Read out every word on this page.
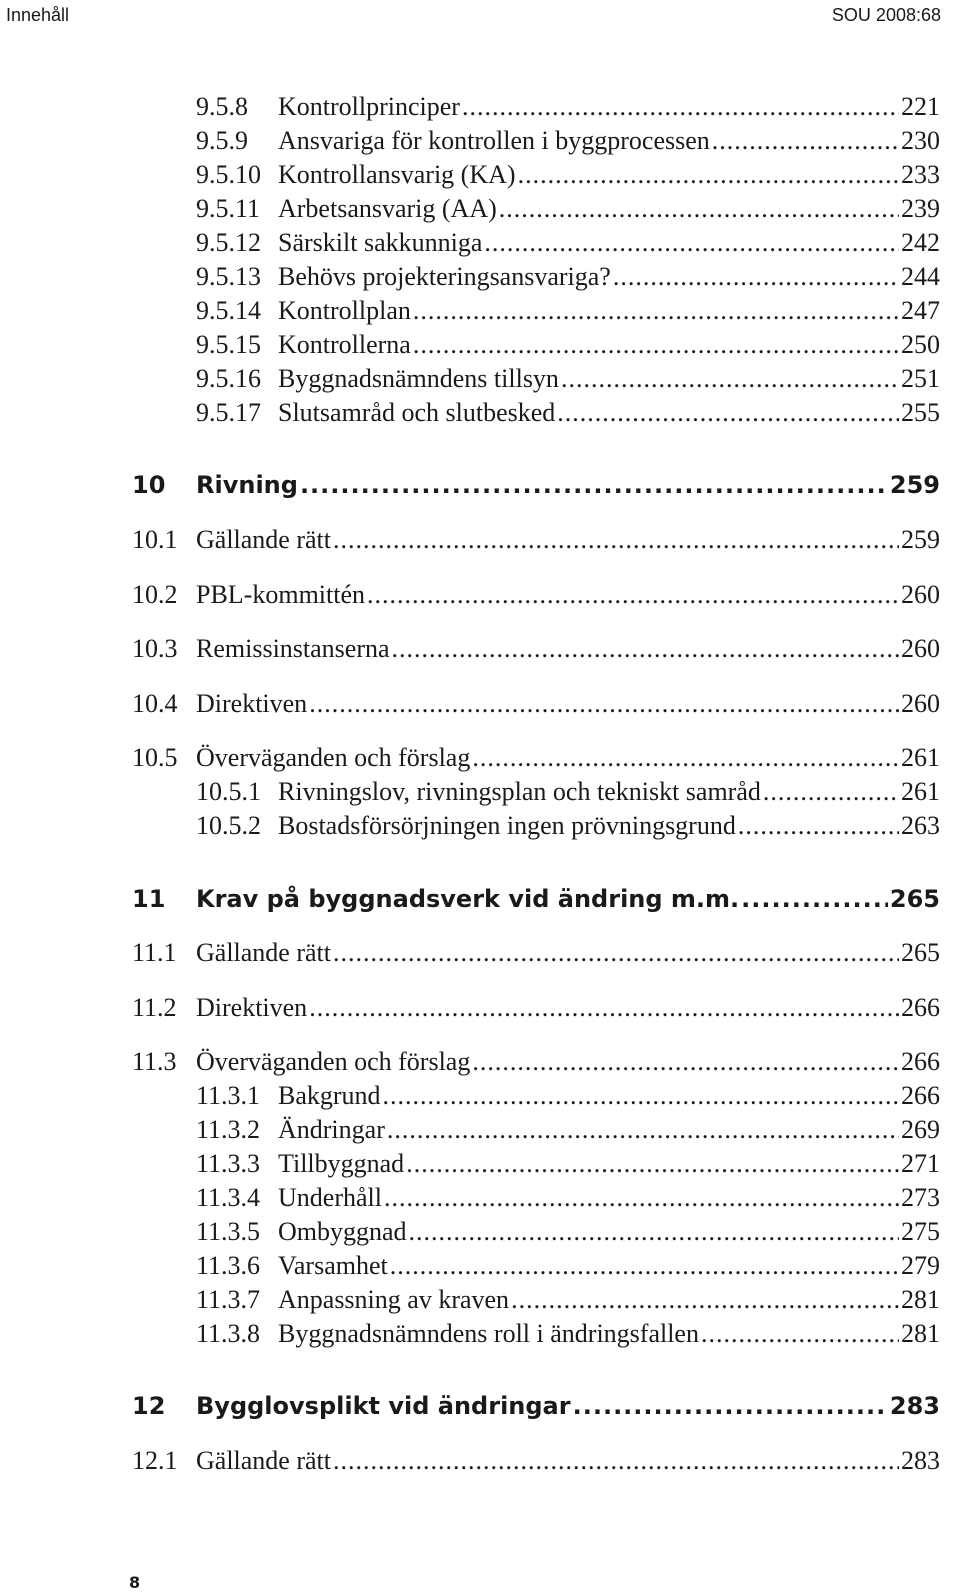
Innehåll	SOU 2008:68
9.5.8	Kontrollprinciper .....	221
9.5.9	Ansvariga för kontrollen i byggprocessen .....	230
9.5.10 Kontrollansvarig (KA) .....	233
9.5.11 Arbetsansvarig (AA) .....	239
9.5.12 Särskilt sakkunniga .....	242
9.5.13 Behövs projekteringsansvariga? .....	244
9.5.14 Kontrollplan .....	247
9.5.15 Kontrollerna .....	250
9.5.16 Byggnadsnämndens tillsyn .....	251
9.5.17 Slutsamråd och slutbesked .....	255
10	Rivning .....	259
10.1 Gällande rätt .....	259
10.2 PBL-kommittén .....	260
10.3 Remissinstanserna .....	260
10.4 Direktiven .....	260
10.5 Överväganden och förslag .....	261
10.5.1 Rivningslov, rivningsplan och tekniskt samråd .....	261
10.5.2 Bostadsförsörjningen ingen prövningsgrund .....	263
11	Krav på byggnadsverk vid ändring m.m. .....	265
11.1 Gällande rätt .....	265
11.2 Direktiven .....	266
11.3 Överväganden och förslag .....	266
11.3.1 Bakgrund .....	266
11.3.2 Ändringar .....	269
11.3.3 Tillbyggnad .....	271
11.3.4 Underhåll .....	273
11.3.5 Ombyggnad .....	275
11.3.6 Varsamhet .....	279
11.3.7 Anpassning av kraven .....	281
11.3.8 Byggnadsnämndens roll i ändringsfallen .....	281
12	Bygglovsplikt vid ändringar .....	283
12.1 Gällande rätt .....	283
8
